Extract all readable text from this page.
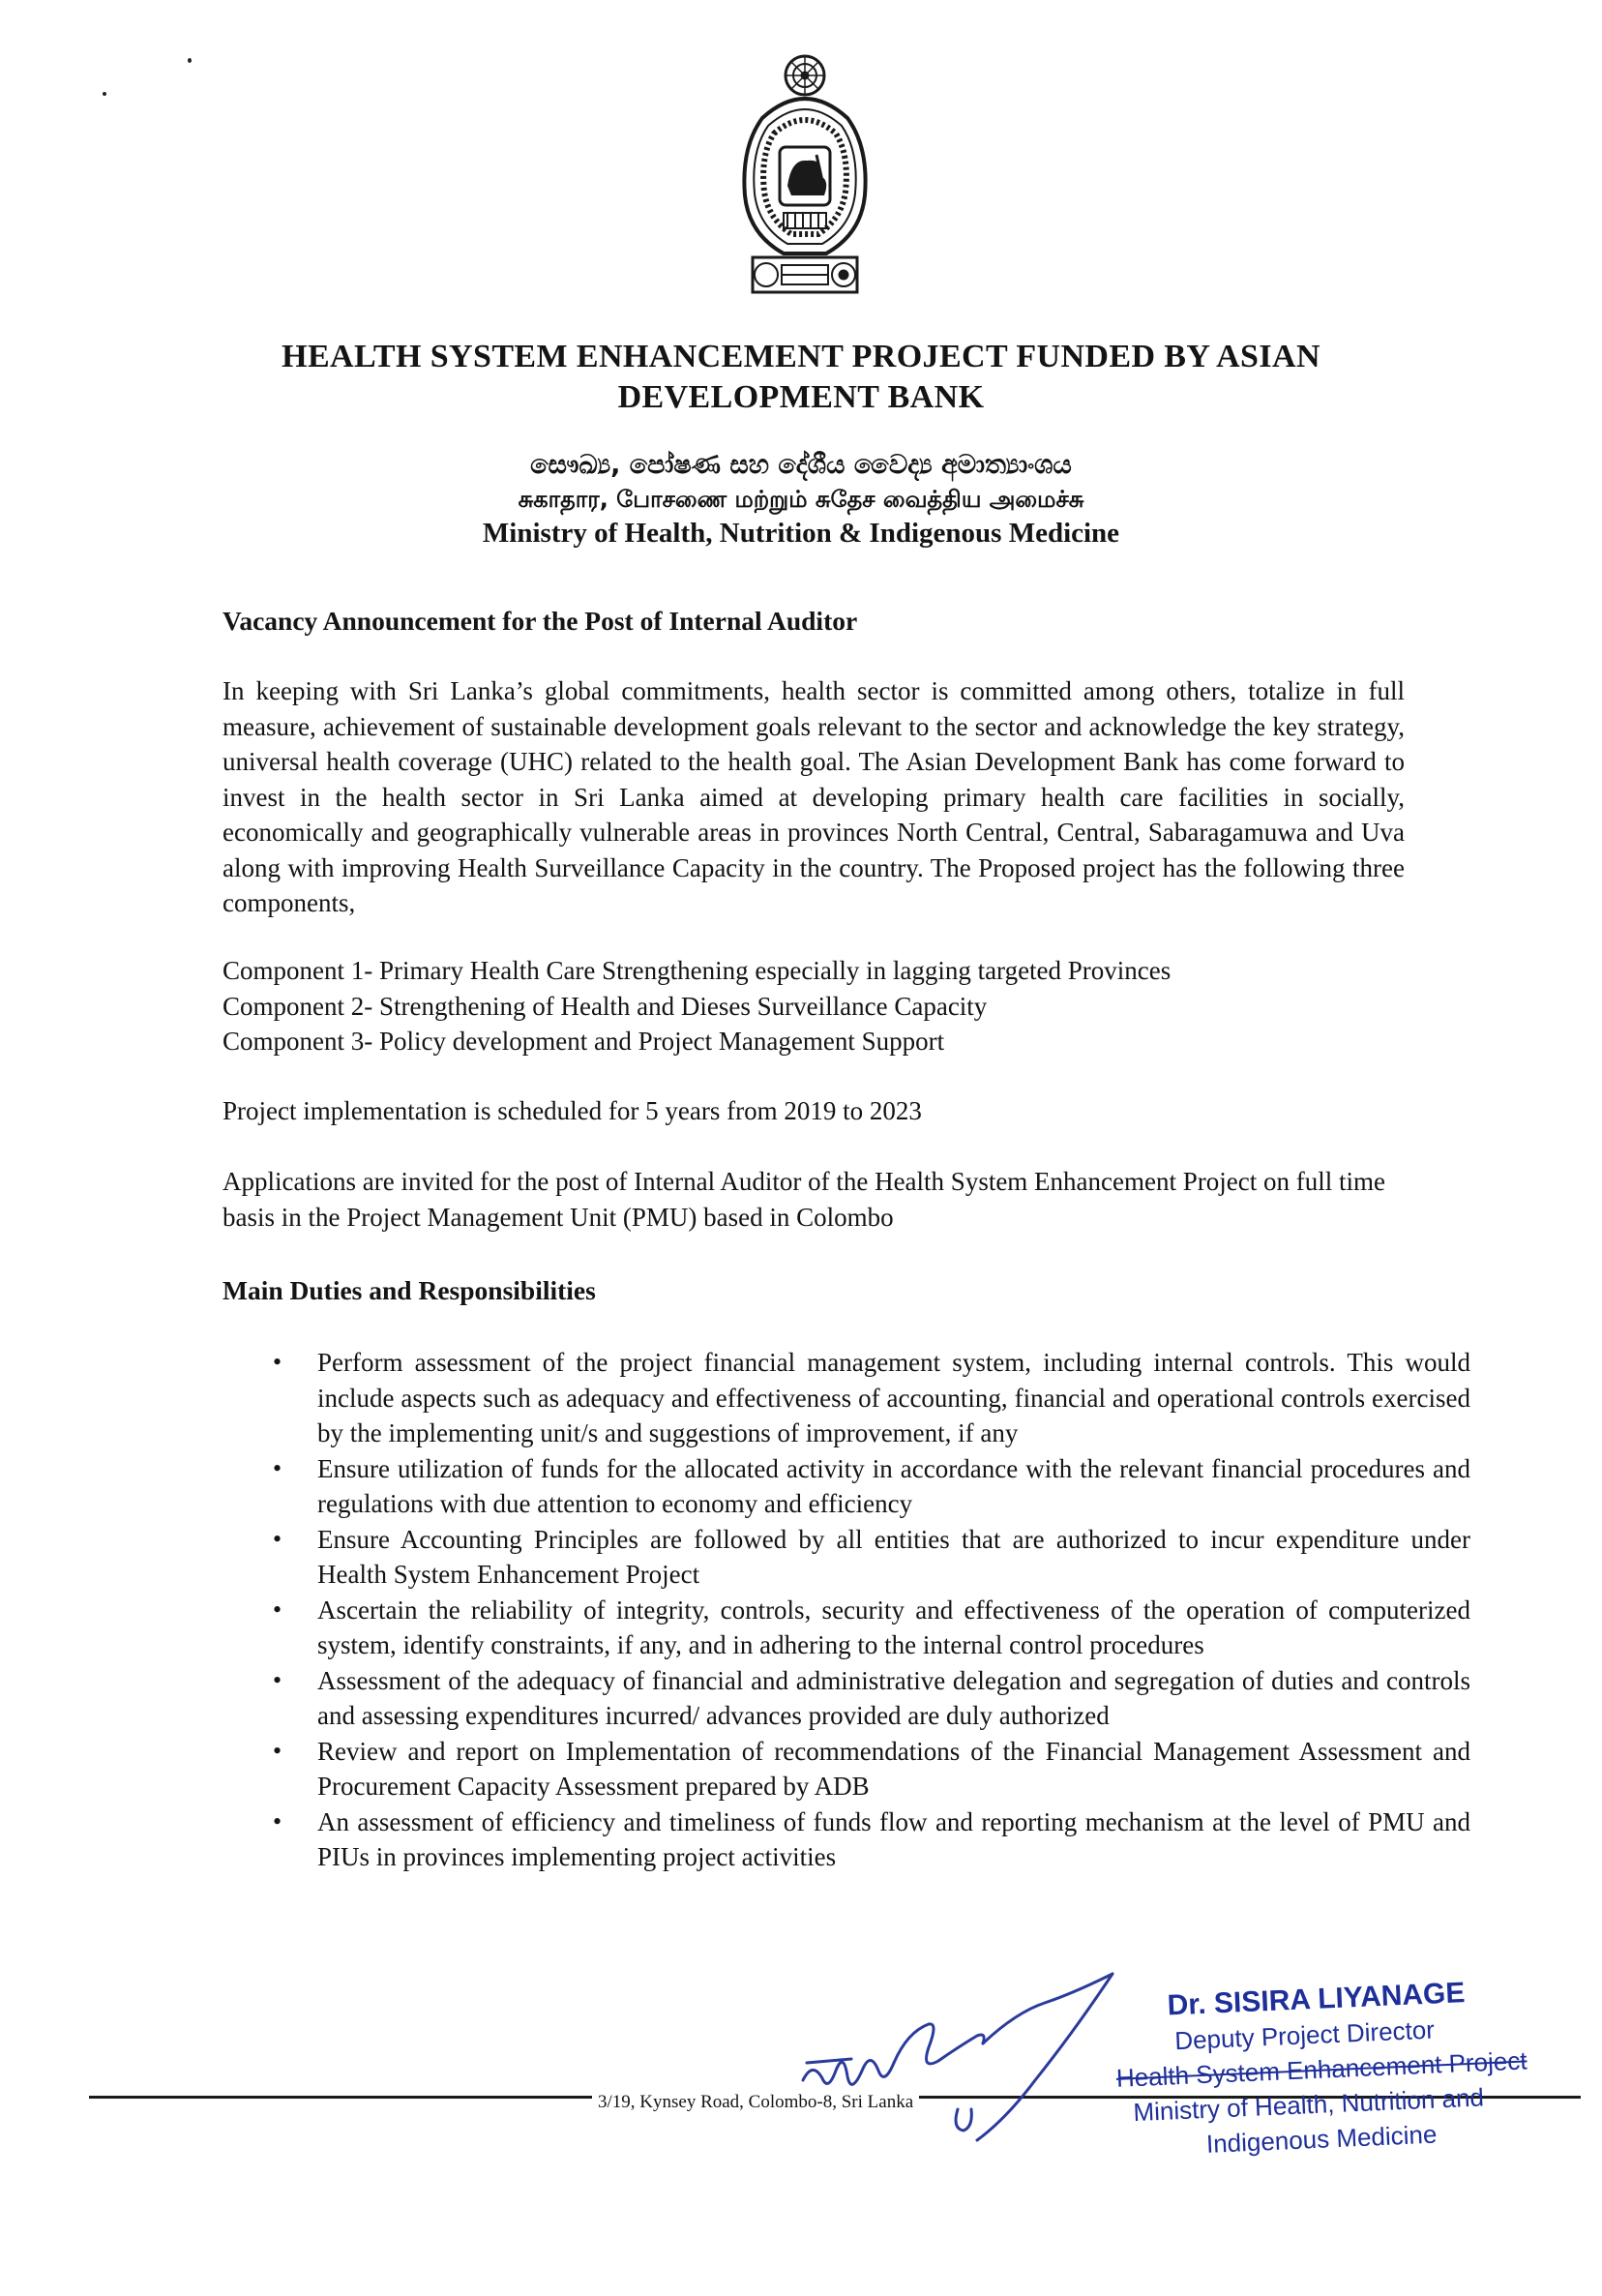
HEALTH SYSTEM ENHANCEMENT PROJECT FUNDED BY ASIAN
DEVELOPMENT BANK
සෞඛ්‍ය, පෝෂණ සහ දේශීය වෛද්‍ය අමාත්‍යාංශය
சுகாதார, போசணை மற்றும் சுதேச வைத்திய அமைச்சு
Ministry of Health, Nutrition & Indigenous Medicine
Vacancy Announcement for the Post of Internal Auditor
In keeping with Sri Lanka’s global commitments, health sector is committed among others, totalize in full measure, achievement of sustainable development goals relevant to the sector and acknowledge the key strategy, universal health coverage (UHC) related to the health goal. The Asian Development Bank has come forward to invest in the health sector in Sri Lanka aimed at developing primary health care facilities in socially, economically and geographically vulnerable areas in provinces North Central, Central, Sabaragamuwa and Uva along with improving Health Surveillance Capacity in the country. The Proposed project has the following three components,

Component 1- Primary Health Care Strengthening especially in lagging targeted Provinces

Component 2- Strengthening of Health and Dieses Surveillance Capacity

Component 3- Policy development and Project Management Support

Project implementation is scheduled for 5 years from 2019 to 2023
Applications are invited for the post of Internal Auditor of the Health System Enhancement Project on full time basis in the Project Management Unit (PMU) based in Colombo
Main Duties and Responsibilities
• Perform assessment of the project financial management system, including internal controls. This would include aspects such as adequacy and effectiveness of accounting, financial and operational controls exercised by the implementing unit/s and suggestions of improvement, if any
• Ensure utilization of funds for the allocated activity in accordance with the relevant financial procedures and regulations with due attention to economy and efficiency
• Ensure Accounting Principles are followed by all entities that are authorized to incur expenditure under Health System Enhancement Project
• Ascertain the reliability of integrity, controls, security and effectiveness of the operation of computerized system, identify constraints, if any, and in adhering to the internal control procedures
• Assessment of the adequacy of financial and administrative delegation and segregation of duties and controls and assessing expenditures incurred/ advances provided are duly authorized
• Review and report on Implementation of recommendations of the Financial Management Assessment and Procurement Capacity Assessment prepared by ADB
• An assessment of efficiency and timeliness of funds flow and reporting mechanism at the level of PMU and PIUs in provinces implementing project activities
3/19, Kynsey Road, Colombo-8, Sri Lanka
Dr. SISIRA LIYANAGE
Deputy Project Director
Health System Enhancement Project
Ministry of Health, Nutrition and
Indigenous Medicine
